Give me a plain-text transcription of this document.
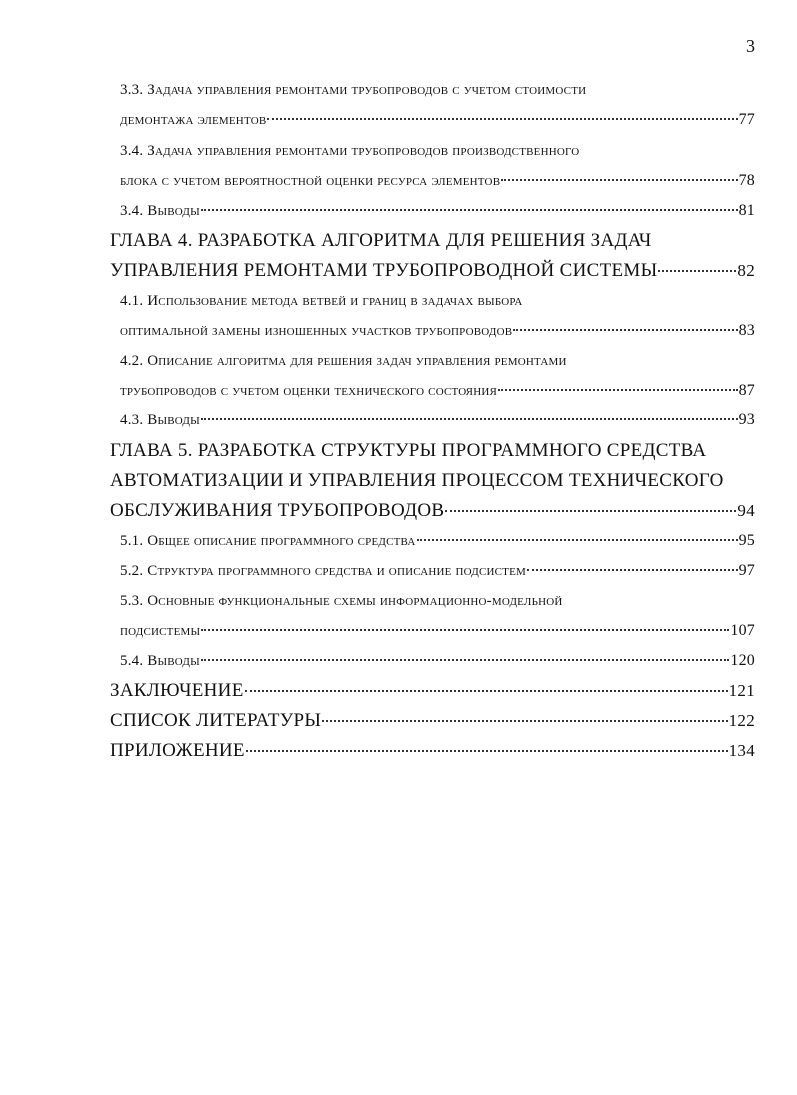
3
3.3. Задача управления ремонтами трубопроводов с учетом стоимости
демонтажа элементов	77
3.4. Задача управления ремонтами трубопроводов производственного
блока с учетом вероятностной оценки ресурса элементов	78
3.4. Выводы	81
ГЛАВА 4. РАЗРАБОТКА АЛГОРИТМА ДЛЯ РЕШЕНИЯ ЗАДАЧ
УПРАВЛЕНИЯ РЕМОНТАМИ ТРУБОПРОВОДНОЙ СИСТЕМЫ	82
4.1. Использование метода ветвей и границ в задачах выбора
оптимальной замены изношенных участков трубопроводов	83
4.2. Описание алгоритма для решения задач управления ремонтами
трубопроводов с учетом оценки технического состояния	87
4.3. Выводы	93
ГЛАВА 5. РАЗРАБОТКА СТРУКТУРЫ ПРОГРАММНОГО СРЕДСТВА
АВТОМАТИЗАЦИИ И УПРАВЛЕНИЯ ПРОЦЕССОМ ТЕХНИЧЕСКОГО
ОБСЛУЖИВАНИЯ ТРУБОПРОВОДОВ	94
5.1. Общее описание программного средства	95
5.2. Структура программного средства и описание подсистем	97
5.3. Основные функциональные схемы информационно-модельной
подсистемы	107
5.4. Выводы	120
ЗАКЛЮЧЕНИЕ	121
СПИСОК ЛИТЕРАТУРЫ	122
ПРИЛОЖЕНИЕ	134
